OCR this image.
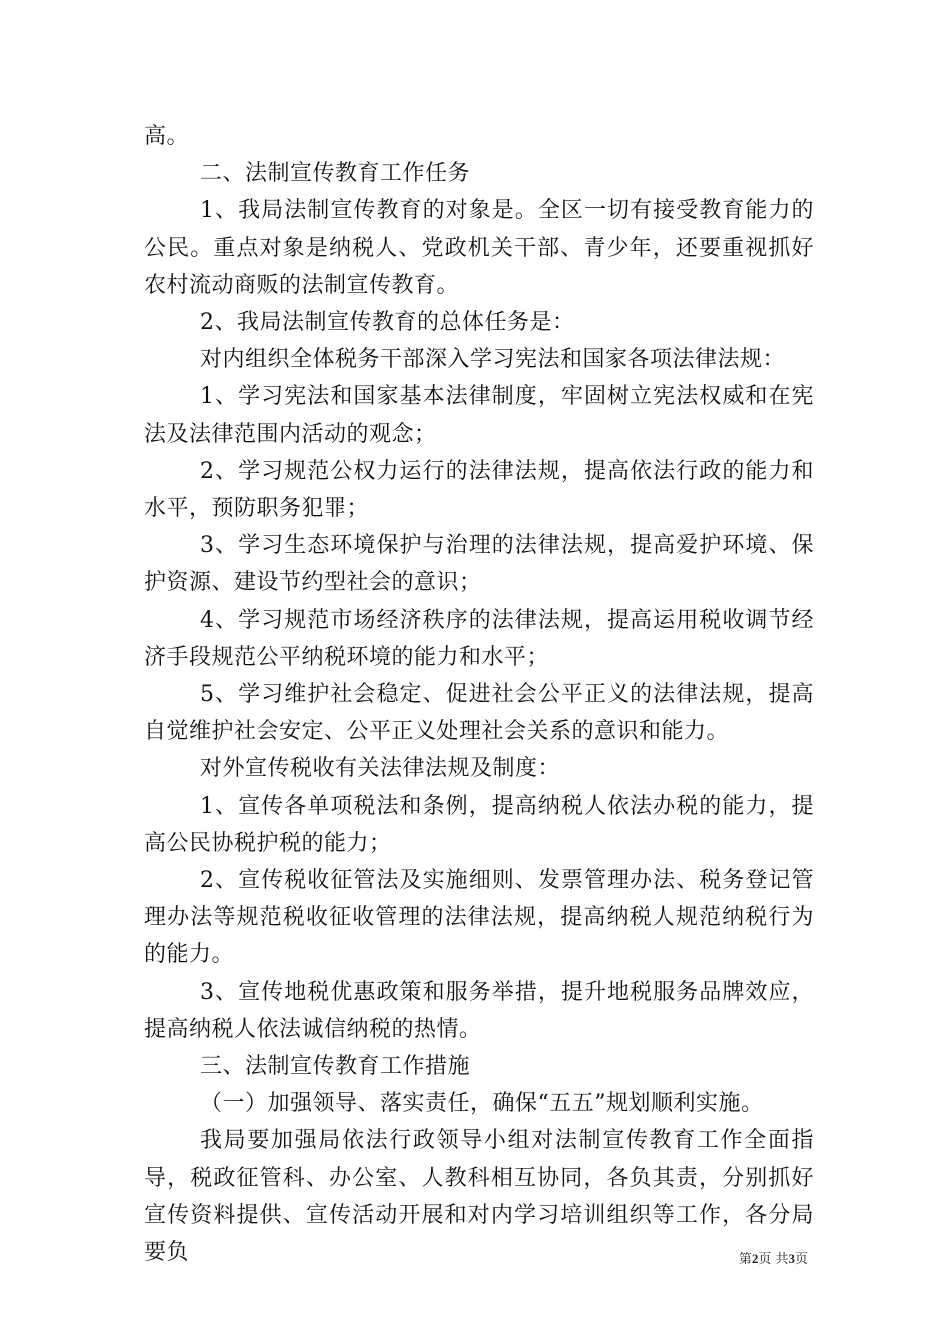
高。

二、法制宣传教育工作任务

1、我局法制宣传教育的对象是。全区一切有接受教育能力的公民。重点对象是纳税人、党政机关干部、青少年，还要重视抓好农村流动商贩的法制宣传教育。

2、我局法制宣传教育的总体任务是：

对内组织全体税务干部深入学习宪法和国家各项法律法规：

1、学习宪法和国家基本法律制度，牢固树立宪法权威和在宪法及法律范围内活动的观念；

2、学习规范公权力运行的法律法规，提高依法行政的能力和水平，预防职务犯罪；

3、学习生态环境保护与治理的法律法规，提高爱护环境、保护资源、建设节约型社会的意识；

4、学习规范市场经济秩序的法律法规，提高运用税收调节经济手段规范公平纳税环境的能力和水平；

5、学习维护社会稳定、促进社会公平正义的法律法规，提高自觉维护社会安定、公平正义处理社会关系的意识和能力。

对外宣传税收有关法律法规及制度：

1、宣传各单项税法和条例，提高纳税人依法办税的能力，提高公民协税护税的能力；

2、宣传税收征管法及实施细则、发票管理办法、税务登记管理办法等规范税收征收管理的法律法规，提高纳税人规范纳税行为的能力。

3、宣传地税优惠政策和服务举措，提升地税服务品牌效应，提高纳税人依法诚信纳税的热情。

三、法制宣传教育工作措施

（一）加强领导、落实责任，确保“五五”规划顺利实施。

我局要加强局依法行政领导小组对法制宣传教育工作全面指导，税政征管科、办公室、人教科相互协同，各负其责，分别抓好宣传资料提供、宣传活动开展和对内学习培训组织等工作，各分局要负	第2页 共3页
